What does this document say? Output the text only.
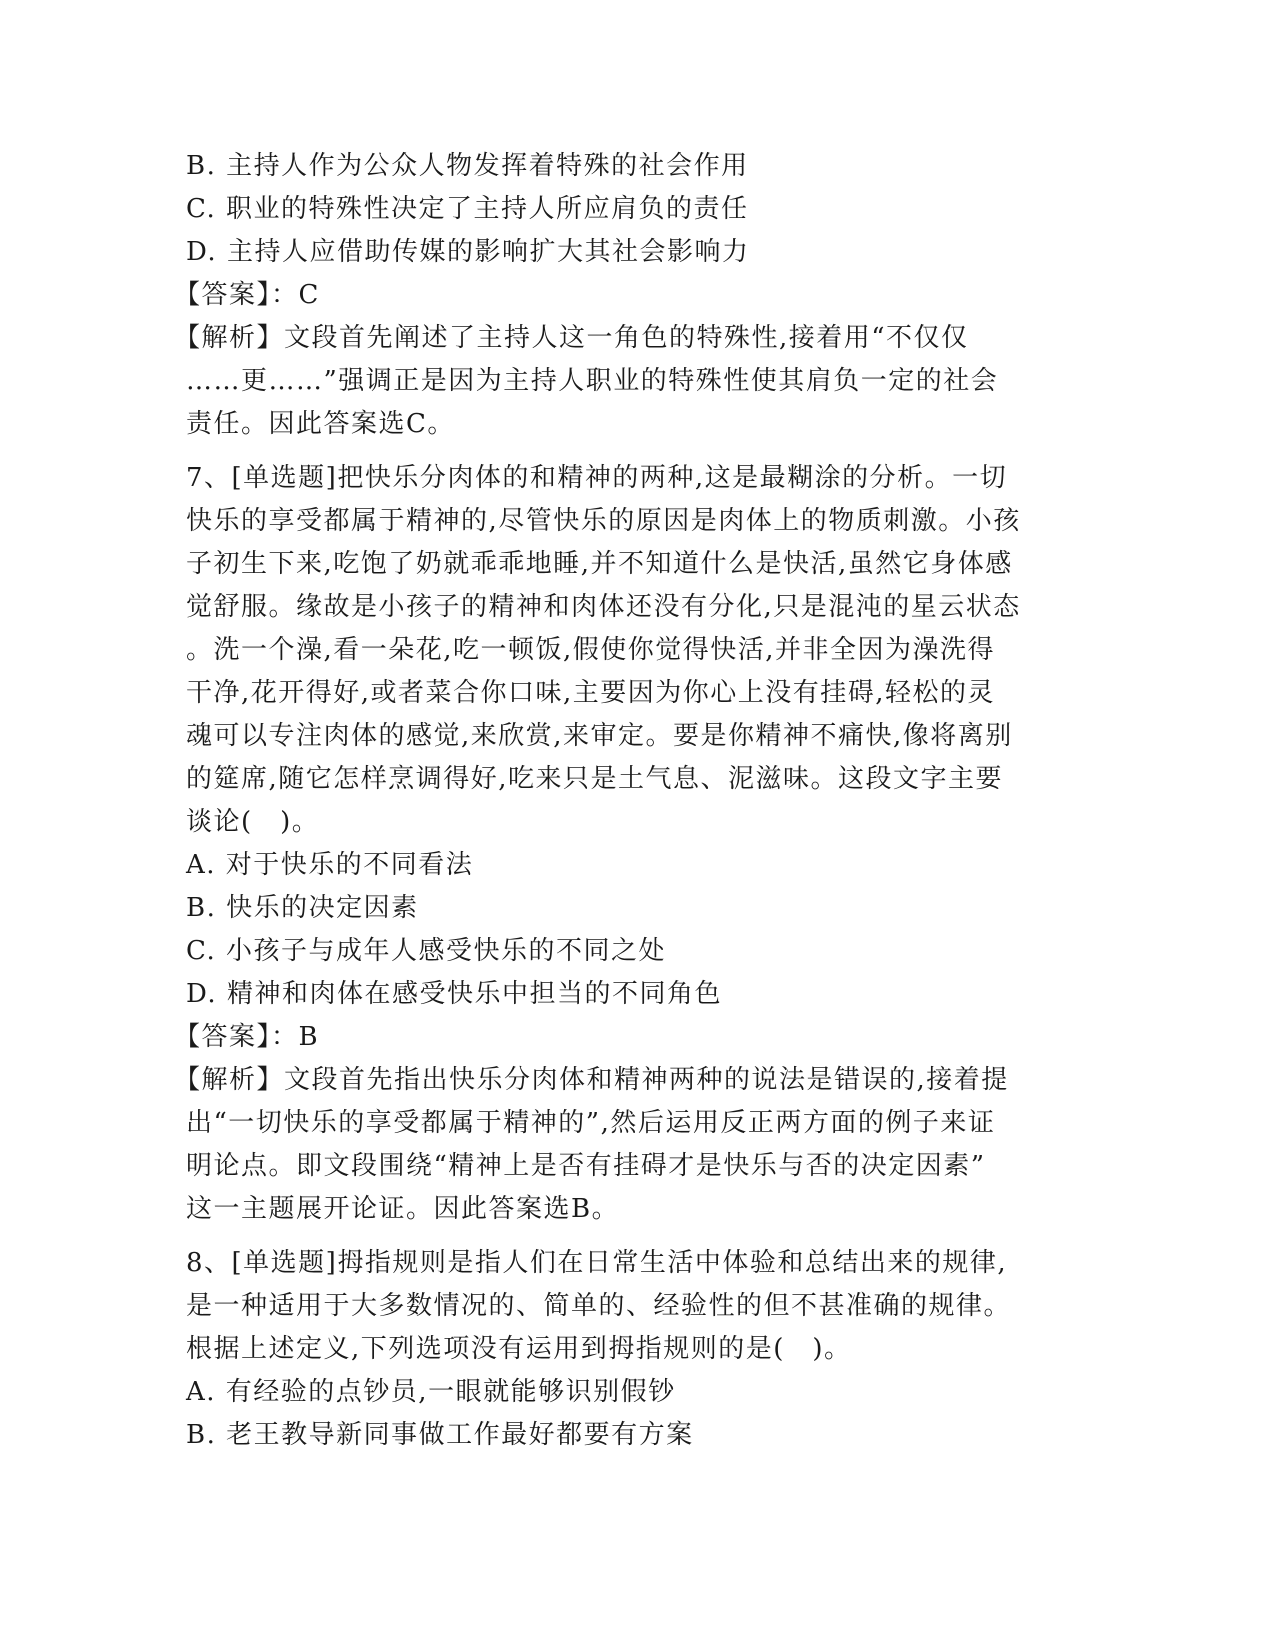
B. 主持人作为公众人物发挥着特殊的社会作用
C. 职业的特殊性决定了主持人所应肩负的责任
D. 主持人应借助传媒的影响扩大其社会影响力
【答案】：C
【解析】文段首先阐述了主持人这一角色的特殊性,接着用“不仅仅
……更……”强调正是因为主持人职业的特殊性使其肩负一定的社会
责任。因此答案选C。
7、[单选题]把快乐分肉体的和精神的两种,这是最糊涂的分析。一切
快乐的享受都属于精神的,尽管快乐的原因是肉体上的物质刺激。小孩
子初生下来,吃饱了奶就乖乖地睡,并不知道什么是快活,虽然它身体感
觉舒服。缘故是小孩子的精神和肉体还没有分化,只是混沌的星云状态
。洗一个澡,看一朵花,吃一顿饭,假使你觉得快活,并非全因为澡洗得
干净,花开得好,或者菜合你口味,主要因为你心上没有挂碍,轻松的灵
魂可以专注肉体的感觉,来欣赏,来审定。要是你精神不痛快,像将离别
的筵席,随它怎样烹调得好,吃来只是土气息、泥滋味。这段文字主要
谈论(　)。
A. 对于快乐的不同看法
B. 快乐的决定因素
C. 小孩子与成年人感受快乐的不同之处
D. 精神和肉体在感受快乐中担当的不同角色
【答案】：B
【解析】文段首先指出快乐分肉体和精神两种的说法是错误的,接着提
出“一切快乐的享受都属于精神的”,然后运用反正两方面的例子来证
明论点。即文段围绕“精神上是否有挂碍才是快乐与否的决定因素”
这一主题展开论证。因此答案选B。
8、[单选题]拇指规则是指人们在日常生活中体验和总结出来的规律,
是一种适用于大多数情况的、简单的、经验性的但不甚准确的规律。
根据上述定义,下列选项没有运用到拇指规则的是(　)。
A. 有经验的点钞员,一眼就能够识别假钞
B. 老王教导新同事做工作最好都要有方案
